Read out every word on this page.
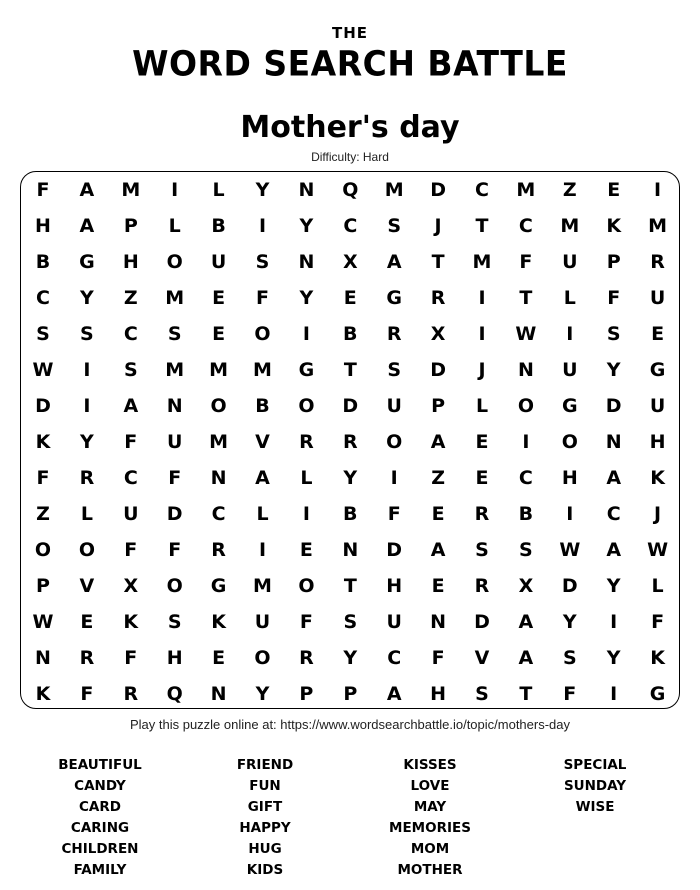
THE
WORD SEARCH BATTLE
Mother's day
Difficulty: Hard
F	A	M	I	L	Y	N	Q	M	D	C	M	Z	E	I
H	A	P	L	B	I	Y	C	S	J	T	C	M	K	M
B	G	H	O	U	S	N	X	A	T	M	F	U	P	R
C	Y	Z	M	E	F	Y	E	G	R	I	T	L	F	U
S	S	C	S	E	O	I	B	R	X	I	W	I	S	E
W	I	S	M	M	M	G	T	S	D	J	N	U	Y	G
D	I	A	N	O	B	O	D	U	P	L	O	G	D	U
K	Y	F	U	M	V	R	R	O	A	E	I	O	N	H
F	R	C	F	N	A	L	Y	I	Z	E	C	H	A	K
Z	L	U	D	C	L	I	B	F	E	R	B	I	C	J
O	O	F	F	R	I	E	N	D	A	S	S	W	A	W
P	V	X	O	G	M	O	T	H	E	R	X	D	Y	L
W	E	K	S	K	U	F	S	U	N	D	A	Y	I	F
N	R	F	H	E	O	R	Y	C	F	V	A	S	Y	K
K	F	R	Q	N	Y	P	P	A	H	S	T	F	I	G
Play this puzzle online at: https://www.wordsearchbattle.io/topic/mothers-day
BEAUTIFUL
CANDY
CARD
CARING
CHILDREN
FAMILY
FRIEND
FUN
GIFT
HAPPY
HUG
KIDS
KISSES
LOVE
MAY
MEMORIES
MOM
MOTHER
SPECIAL
SUNDAY
WISE
